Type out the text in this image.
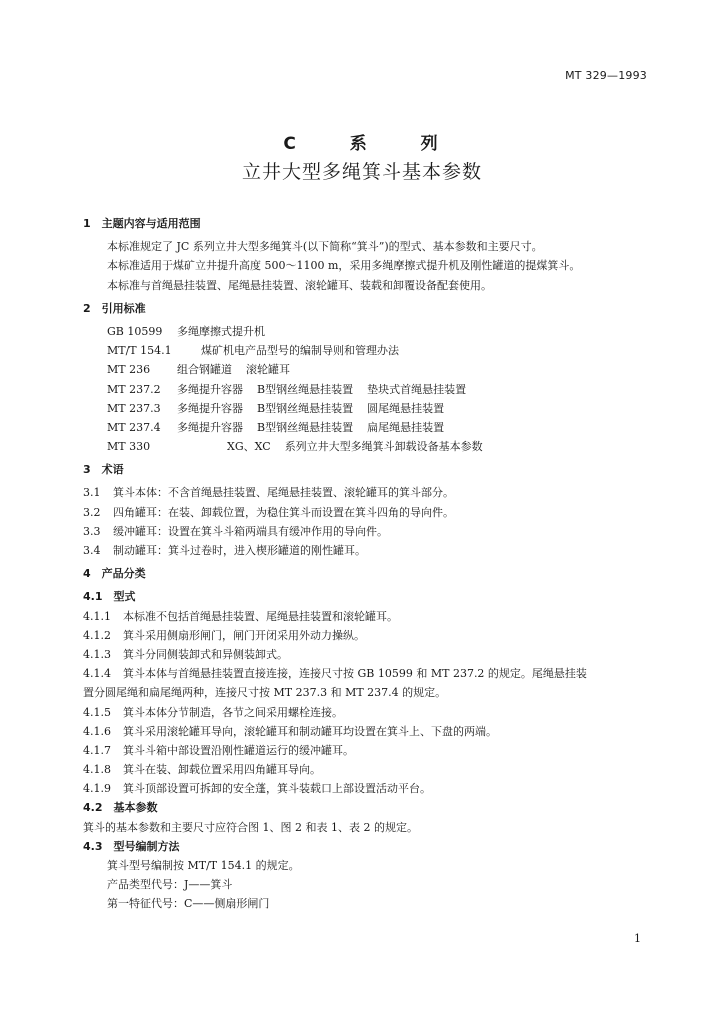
MT 329—1993
C 系 列
立井大型多绳箕斗基本参数
1　主题内容与适用范围
本标准规定了 JC 系列立井大型多绳箕斗(以下简称“箕斗”)的型式、基本参数和主要尺寸。
本标准适用于煤矿立井提升高度 500～1100 m，采用多绳摩擦式提升机及刚性罐道的提煤箕斗。
本标准与首绳悬挂装置、尾绳悬挂装置、滚轮罐耳、装载和卸覆设备配套使用。
2　引用标准
GB 10599	多绳摩擦式提升机
MT/T 154.1	煤矿机电产品型号的编制导则和管理办法
MT 236	组合钢罐道 滚轮罐耳
MT 237.2	多绳提升容器 B型钢丝绳悬挂装置 垫块式首绳悬挂装置
MT 237.3	多绳提升容器 B型钢丝绳悬挂装置 圆尾绳悬挂装置
MT 237.4	多绳提升容器 B型钢丝绳悬挂装置 扁尾绳悬挂装置
MT 330	XG、XC 系列立井大型多绳箕斗卸载设备基本参数
3　术语
3.1 箕斗本体：不含首绳悬挂装置、尾绳悬挂装置、滚轮罐耳的箕斗部分。
3.2 四角罐耳：在装、卸载位置，为稳住箕斗而设置在箕斗四角的导向件。
3.3 缓冲罐耳：设置在箕斗斗箱两端具有缓冲作用的导向件。
3.4 制动罐耳：箕斗过卷时，进入楔形罐道的刚性罐耳。
4　产品分类
4.1　型式
4.1.1 本标准不包括首绳悬挂装置、尾绳悬挂装置和滚轮罐耳。
4.1.2 箕斗采用侧扇形闸门，闸门开闭采用外动力操纵。
4.1.3 箕斗分同侧装卸式和异侧装卸式。
4.1.4 箕斗本体与首绳悬挂装置直接连接，连接尺寸按 GB 10599 和 MT 237.2 的规定。尾绳悬挂装
置分圆尾绳和扁尾绳两种，连接尺寸按 MT 237.3 和 MT 237.4 的规定。
4.1.5 箕斗本体分节制造，各节之间采用螺栓连接。
4.1.6 箕斗采用滚轮罐耳导向，滚轮罐耳和制动罐耳均设置在箕斗上、下盘的两端。
4.1.7 箕斗斗箱中部设置沿刚性罐道运行的缓冲罐耳。
4.1.8 箕斗在装、卸载位置采用四角罐耳导向。
4.1.9 箕斗顶部设置可拆卸的安全蓬，箕斗装载口上部设置活动平台。
4.2　基本参数
箕斗的基本参数和主要尺寸应符合图 1、图 2 和表 1、表 2 的规定。
4.3　型号编制方法
箕斗型号编制按 MT/T 154.1 的规定。
产品类型代号：J——箕斗
第一特征代号：C——侧扇形闸门
1
